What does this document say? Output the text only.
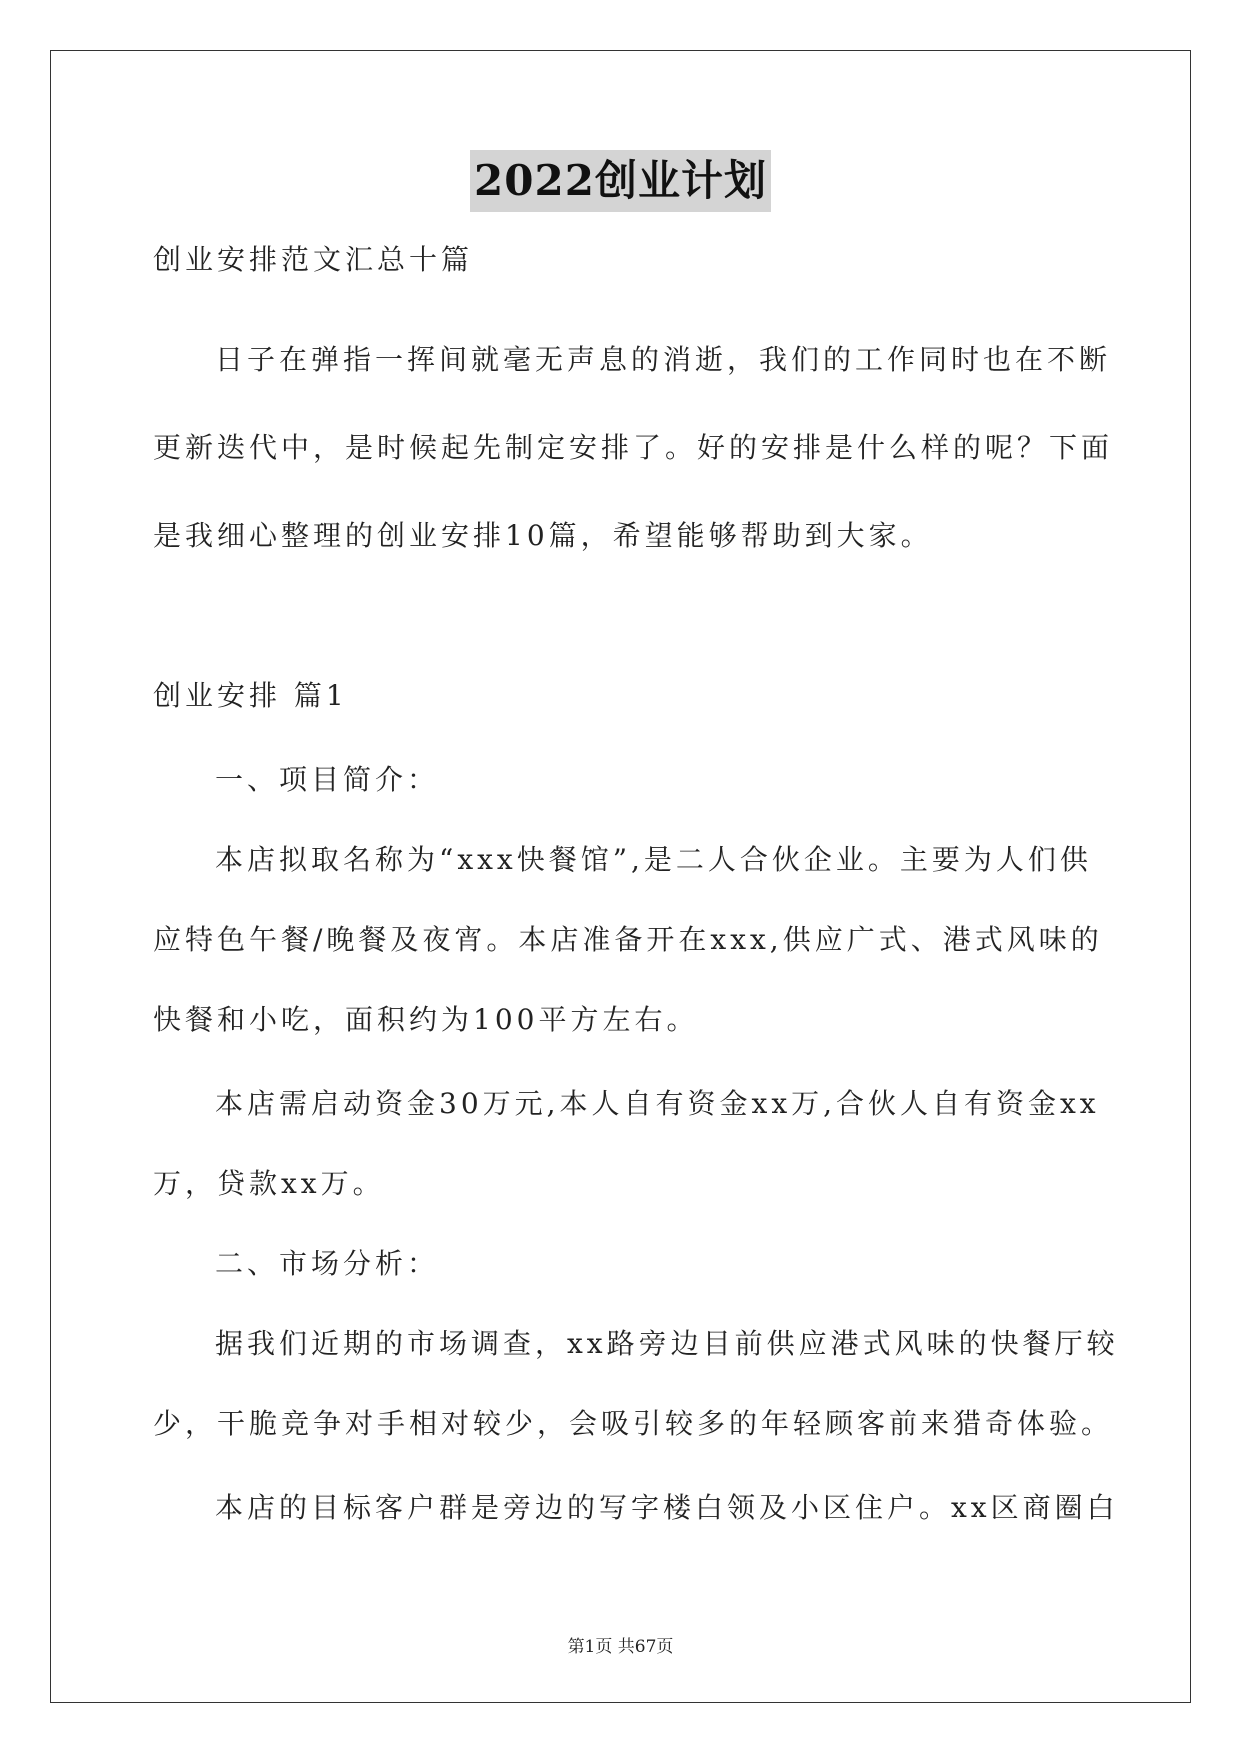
2022创业计划
创业安排范文汇总十篇
日子在弹指一挥间就毫无声息的消逝，我们的工作同时也在不断
更新迭代中，是时候起先制定安排了。好的安排是什么样的呢？下面
是我细心整理的创业安排10篇，希望能够帮助到大家。
创业安排 篇1
一、项目简介：
本店拟取名称为“xxx快餐馆”,是二人合伙企业。主要为人们供
应特色午餐/晚餐及夜宵。本店准备开在xxx,供应广式、港式风味的
快餐和小吃，面积约为100平方左右。
本店需启动资金30万元,本人自有资金xx万,合伙人自有资金xx
万，贷款xx万。
二、市场分析：
据我们近期的市场调查，xx路旁边目前供应港式风味的快餐厅较
少，干脆竞争对手相对较少，会吸引较多的年轻顾客前来猎奇体验。
本店的目标客户群是旁边的写字楼白领及小区住户。xx区商圈白
第1页 共67页
